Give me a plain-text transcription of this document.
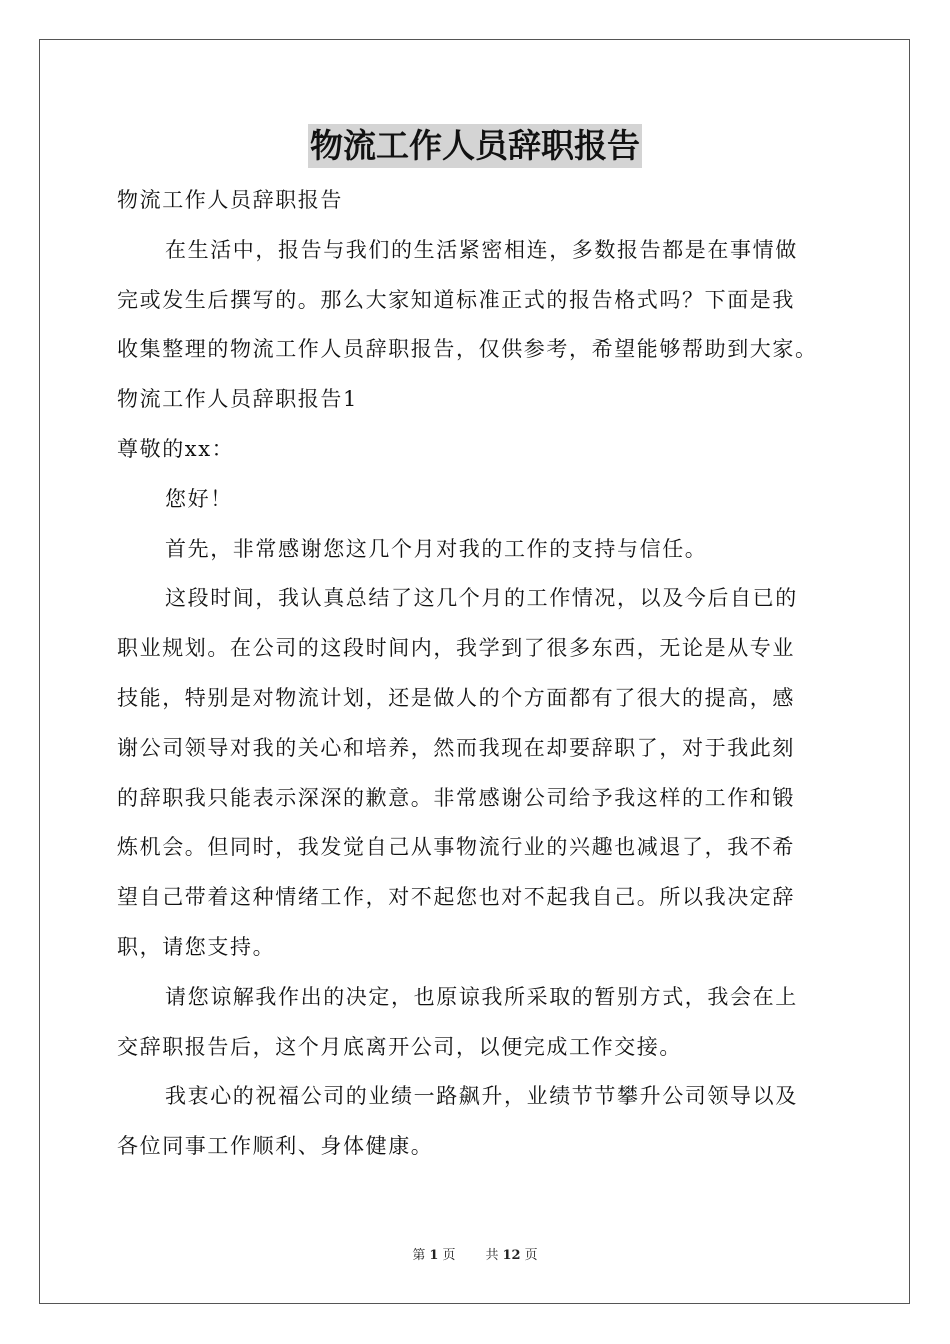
物流工作人员辞职报告
物流工作人员辞职报告
在生活中，报告与我们的生活紧密相连，多数报告都是在事情做
完或发生后撰写的。那么大家知道标准正式的报告格式吗？下面是我
收集整理的物流工作人员辞职报告，仅供参考，希望能够帮助到大家。
物流工作人员辞职报告1
尊敬的xx：
您好！
首先，非常感谢您这几个月对我的工作的支持与信任。
这段时间，我认真总结了这几个月的工作情况，以及今后自已的
职业规划。在公司的这段时间内，我学到了很多东西，无论是从专业
技能，特别是对物流计划，还是做人的个方面都有了很大的提高，感
谢公司领导对我的关心和培养，然而我现在却要辞职了，对于我此刻
的辞职我只能表示深深的歉意。非常感谢公司给予我这样的工作和锻
炼机会。但同时，我发觉自己从事物流行业的兴趣也减退了，我不希
望自己带着这种情绪工作，对不起您也对不起我自己。所以我决定辞
职，请您支持。
请您谅解我作出的决定，也原谅我所采取的暂别方式，我会在上
交辞职报告后，这个月底离开公司，以便完成工作交接。
我衷心的祝福公司的业绩一路飙升，业绩节节攀升公司领导以及
各位同事工作顺利、身体健康。
第 1 页 共 12 页
